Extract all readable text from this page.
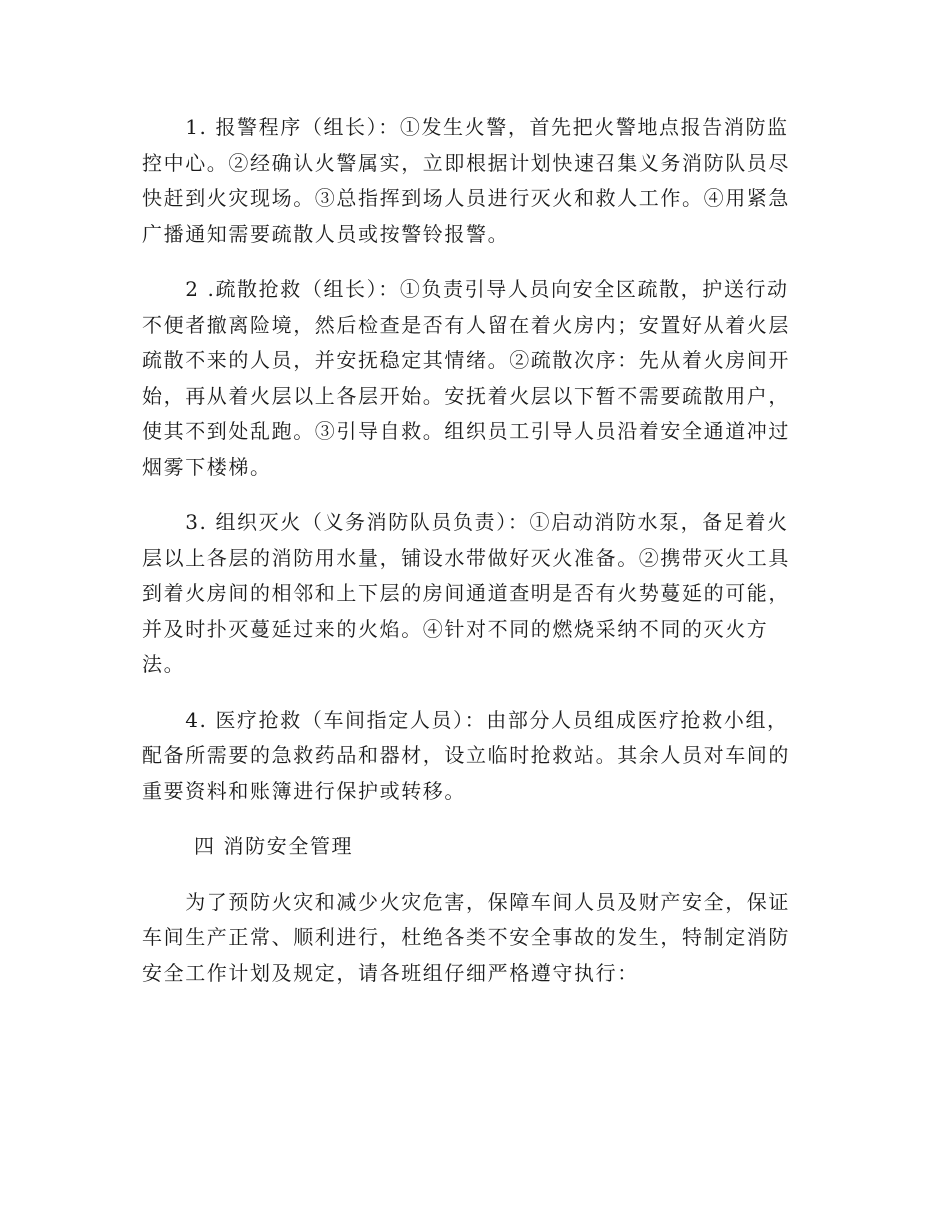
　　1. 报警程序（组长）：①发生火警，首先把火警地点报告消防监
控中心。②经确认火警属实，立即根据计划快速召集义务消防队员尽
快赶到火灾现场。③总指挥到场人员进行灭火和救人工作。④用紧急
广播通知需要疏散人员或按警铃报警。

　　2 .疏散抢救（组长）：①负责引导人员向安全区疏散，护送行动
不便者撤离险境，然后检查是否有人留在着火房内；安置好从着火层
疏散不来的人员，并安抚稳定其情绪。②疏散次序：先从着火房间开
始，再从着火层以上各层开始。安抚着火层以下暂不需要疏散用户，
使其不到处乱跑。③引导自救。组织员工引导人员沿着安全通道冲过
烟雾下楼梯。

　　3. 组织灭火（义务消防队员负责）：①启动消防水泵，备足着火
层以上各层的消防用水量，铺设水带做好灭火准备。②携带灭火工具
到着火房间的相邻和上下层的房间通道查明是否有火势蔓延的可能，
并及时扑灭蔓延过来的火焰。④针对不同的燃烧采纳不同的灭火方
法。

　　4. 医疗抢救（车间指定人员）：由部分人员组成医疗抢救小组，
配备所需要的急救药品和器材，设立临时抢救站。其余人员对车间的
重要资料和账簿进行保护或转移。

四 消防安全管理

　　为了预防火灾和减少火灾危害，保障车间人员及财产安全，保证
车间生产正常、顺利进行，杜绝各类不安全事故的发生，特制定消防
安全工作计划及规定，请各班组仔细严格遵守执行：
